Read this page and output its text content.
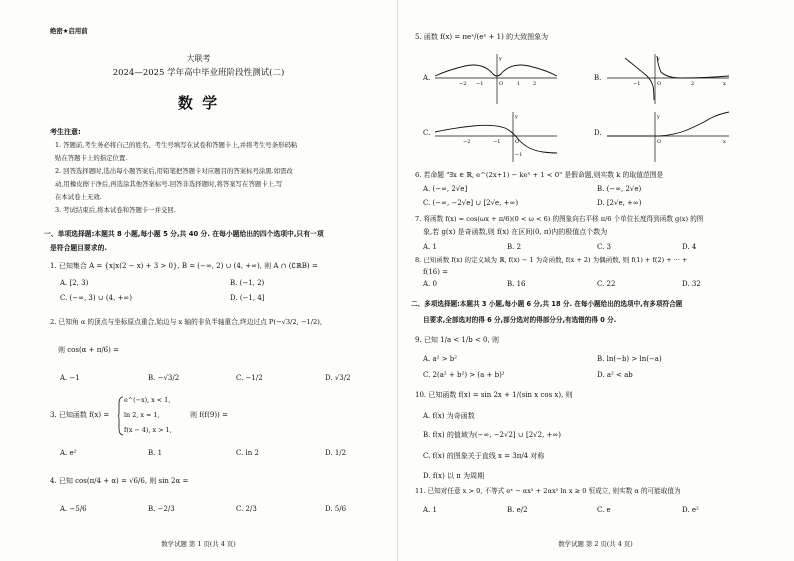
绝密★启用前
大联考
2024—2025 学年高中毕业班阶段性测试(二)
数 学
考生注意:
1. 答题前,考生务必将自己的姓名、考生号填写在试卷和答题卡上,并将考生号条形码粘
贴在答题卡上的指定位置.
2. 回答选择题时,选出每小题答案后,用铅笔把答题卡对应题目的答案标号涂黑.如需改
动,用橡皮擦干净后,再选涂其他答案标号.回答非选择题时,将答案写在答题卡上.写
在本试卷上无效.
3. 考试结束后,将本试卷和答题卡一并交回.
一、单项选择题:本题共 8 小题,每小题 5 分,共 40 分. 在每小题给出的四个选项中,只有一项
是符合题目要求的.
1. 已知集合 A = {x|x(2 − x) + 3 > 0}, B = (−∞, 2) ∪ (4, +∞), 则 A ∩ (∁ℝB) =
A. [2, 3)	B. (−1, 2)
C. (−∞, 3) ∪ (4, +∞)	D. (−1, 4]
2. 已知角 α 的顶点与坐标原点重合,始边与 x 轴的非负半轴重合,终边过点 P(−√3/2, −1/2),
则 cos(α + π/6) =
A. −1	B. −√3/2	C. −1/2	D. √3/2
3. 已知函数 f(x) =
e^(−x), x < 1,
ln 2, x = 1,
f(x − 4), x > 1,
则 f(f(9)) =
A. e²	B. 1	C. ln 2	D. 1/2
4. 已知 cos(π/4 + α) = √6/6, 则 sin 2α =
A. −5/6	B. −2/3	C. 2/3	D. 5/6
数学试题 第 1 页(共 4 页)
5. 函数 f(x) = πeˣ/(eˣ + 1) 的大致图象为
A.
−2 −1	O	1	2
y
B.
−1	O	2
y
x
C.
−2	−1	O
−1
y
D.
O
y
x
6. 若命题 "∃x ∈ ℝ, e^(2x+1) − keˣ + 1 < 0" 是假命题,则实数 k 的取值范围是
A. (−∞, 2√e]	B. (−∞, 2√e)
C. (−∞, −2√e] ∪ [2√e, +∞)	D. [2√e, +∞)
7. 将函数 f(x) = cos(ωx + π/6)(0 < ω < 6) 的图象向右平移 π/6 个单位长度得到函数 g(x) 的图
象,若 g(x) 是奇函数,则 f(x) 在区间(0, π)内的极值点个数为
A. 1	B. 2	C. 3	D. 4
8. 已知函数 f(x) 的定义域为 ℝ, f(x) − 1 为奇函数, f(x + 2) 为偶函数, 则 f(1) + f(2) + ··· +
f(16) =
A. 0	B. 16	C. 22	D. 32
二、多项选择题:本题共 3 小题,每小题 6 分,共 18 分. 在每小题给出的选项中,有多项符合题
目要求,全部选对的得 6 分,部分选对的得部分分,有选错的得 0 分.
9. 已知 1/a < 1/b < 0, 则
A. a² > b²	B. ln(−b) > ln(−a)
C. 2(a² + b²) > (a + b)²	D. a² < ab
10. 已知函数 f(x) = sin 2x + 1/(sin x cos x), 则
A. f(x) 为奇函数
B. f(x) 的值域为(−∞, −2√2] ∪ [2√2, +∞)
C. f(x) 的图象关于直线 x = 3π/4 对称
D. f(x) 以 π 为周期
11. 已知对任意 x > 0, 不等式 eˣ − αx² + 2αx² ln x ≥ 0 恒成立, 则实数 α 的可能取值为
A. 1	B. e/2	C. e	D. e²
数学试题 第 2 页(共 4 页)
